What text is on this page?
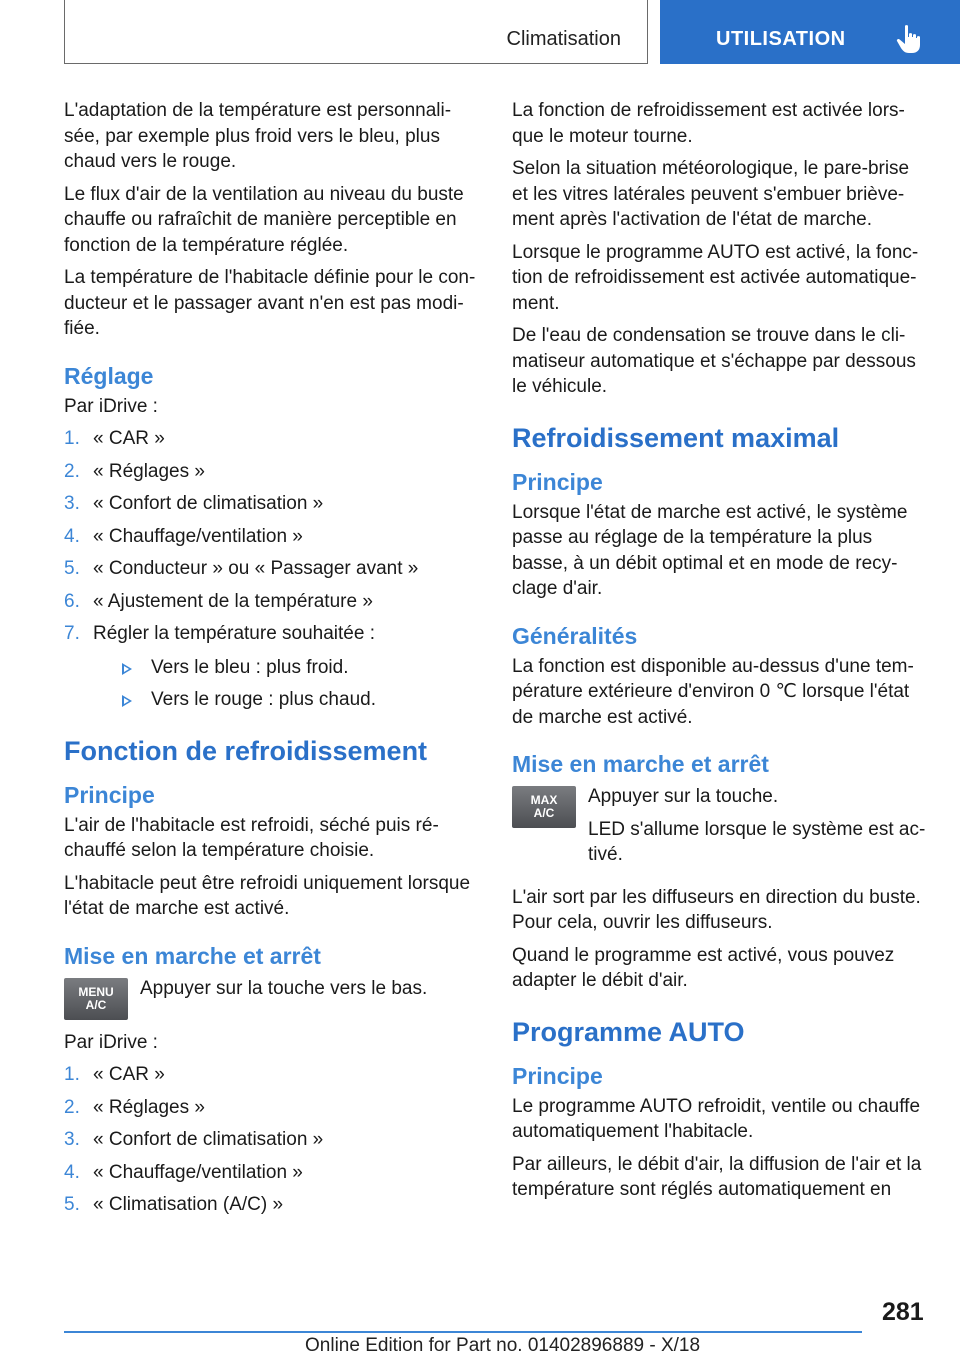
Climatisation	UTILISATION

L'adaptation de la température est personnali-sée, par exemple plus froid vers le bleu, plus chaud vers le rouge.

Le flux d'air de la ventilation au niveau du buste chauffe ou rafraîchit de manière perceptible en fonction de la température réglée.

La température de l'habitacle définie pour le con-ducteur et le passager avant n'en est pas modi-fiée.

Réglage

Par iDrive :

1. « CAR »
2. « Réglages »
3. « Confort de climatisation »
4. « Chauffage/ventilation »
5. « Conducteur » ou « Passager avant »
6. « Ajustement de la température »
7. Régler la température souhaitée :
Vers le bleu : plus froid.
Vers le rouge : plus chaud.
Fonction de refroidissement
Principe

L'air de l'habitacle est refroidi, séché puis ré-chauffé selon la température choisie.

L'habitacle peut être refroidi uniquement lorsque l'état de marche est activé.

Mise en marche et arrêt
MENU
A/C

Appuyer sur la touche vers le bas.

Par iDrive :

1. « CAR »
2. « Réglages »
3. « Confort de climatisation »
4. « Chauffage/ventilation »
5. « Climatisation (A/C) »

La fonction de refroidissement est activée lors-que le moteur tourne.

Selon la situation météorologique, le pare-brise et les vitres latérales peuvent s'embuer briève-ment après l'activation de l'état de marche.

Lorsque le programme AUTO est activé, la fonc-tion de refroidissement est activée automatique-ment.

De l'eau de condensation se trouve dans le cli-matiseur automatique et s'échappe par dessous le véhicule.

Refroidissement maximal
Principe

Lorsque l'état de marche est activé, le système passe au réglage de la température la plus basse, à un débit optimal et en mode de recy-clage d'air.

Généralités

La fonction est disponible au-dessus d'une tem-pérature extérieure d'environ 0 ℃ lorsque l'état de marche est activé.

Mise en marche et arrêt
MAX
A/C

Appuyer sur la touche.

LED s'allume lorsque le système est ac-tivé.

L'air sort par les diffuseurs en direction du buste. Pour cela, ouvrir les diffuseurs.

Quand le programme est activé, vous pouvez adapter le débit d'air.

Programme AUTO
Principe

Le programme AUTO refroidit, ventile ou chauffe automatiquement l'habitacle.

Par ailleurs, le débit d'air, la diffusion de l'air et la température sont réglés automatiquement en

281
Online Edition for Part no. 01402896889 - X/18
